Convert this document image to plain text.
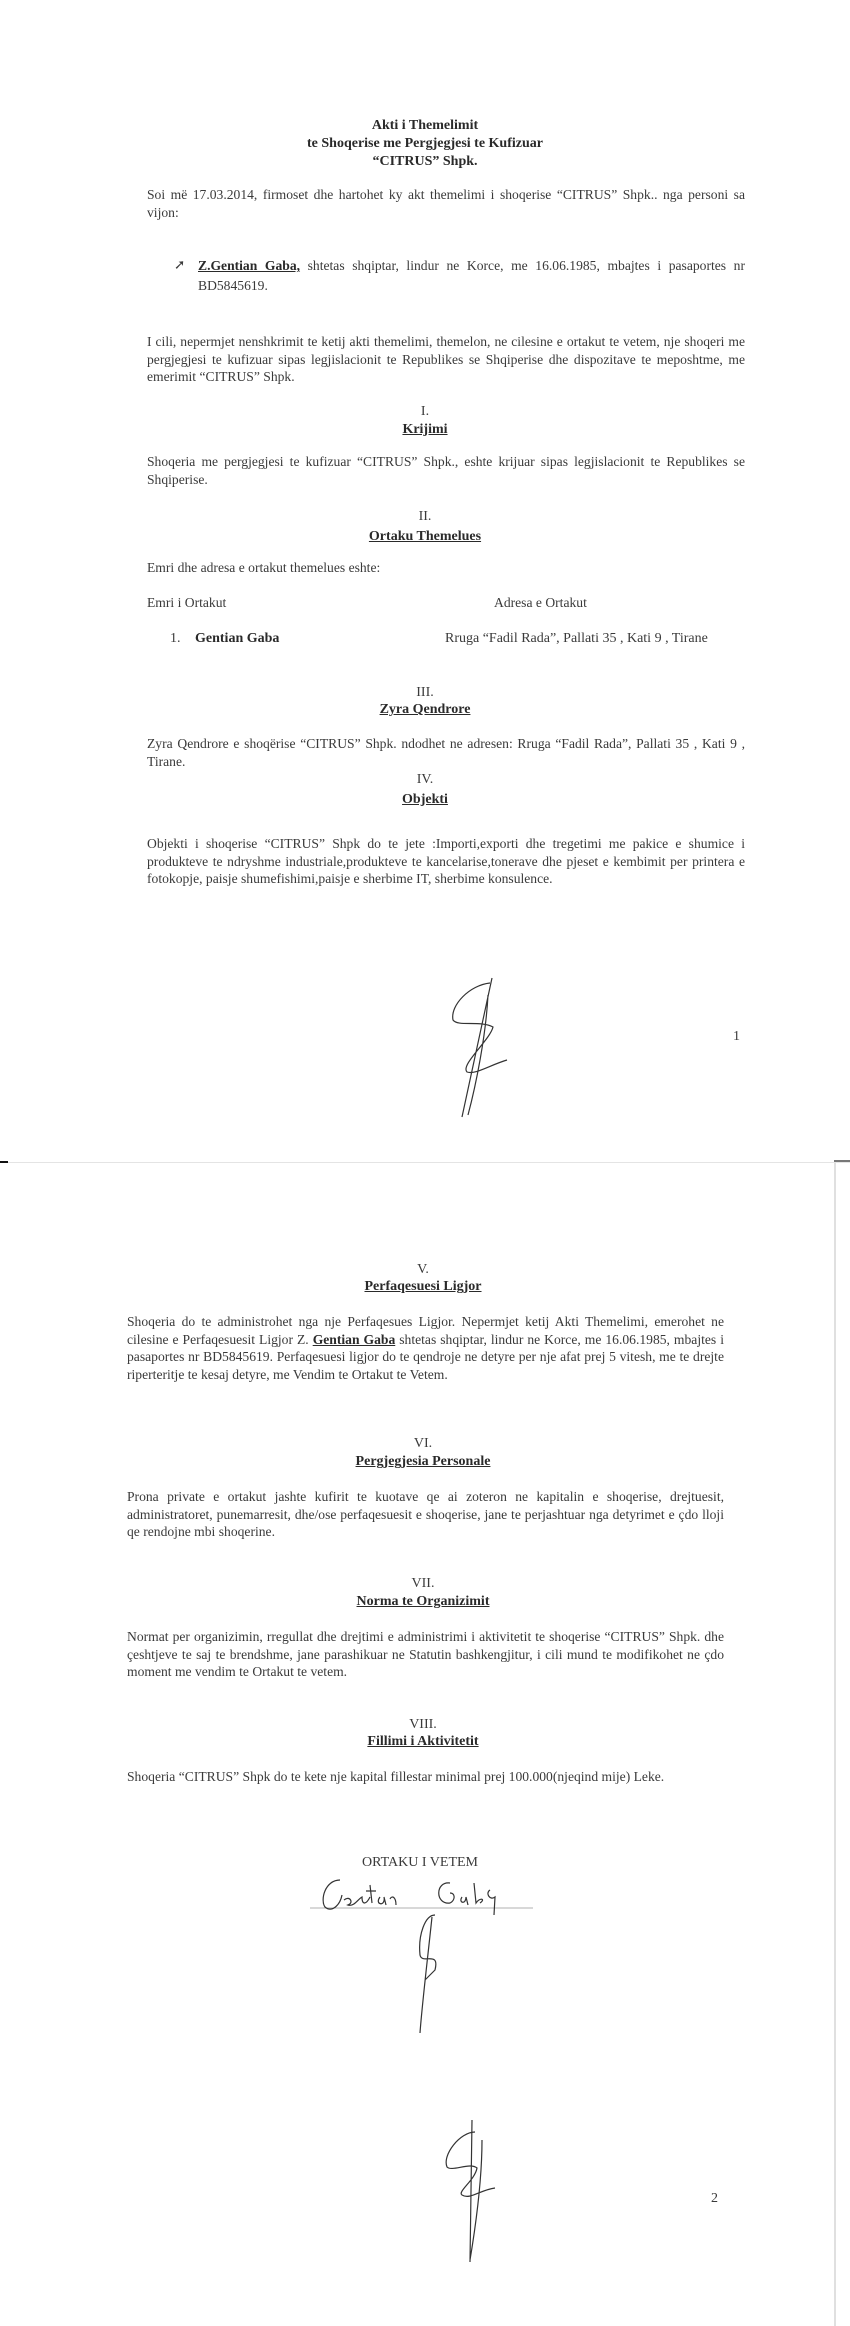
Akti i Themelimit
te Shoqerise me Pergjegjesi te Kufizuar
“CITRUS” Shpk.
Soi më 17.03.2014, firmoset dhe hartohet ky akt themelimi i shoqerise “CITRUS” Shpk.. nga personi sa vijon:
➚ Z.Gentian Gaba, shtetas shqiptar, lindur ne Korce, me 16.06.1985, mbajtes i pasaportes nr BD5845619.
I cili, nepermjet nenshkrimit te ketij akti themelimi, themelon, ne cilesine e ortakut te vetem, nje shoqeri me pergjegjesi te kufizuar sipas legjislacionit te Republikes se Shqiperise dhe dispozitave te meposhtme, me emerimit “CITRUS” Shpk.
I.
Krijimi
Shoqeria me pergjegjesi te kufizuar “CITRUS” Shpk., eshte krijuar sipas legjislacionit te Republikes se Shqiperise.
II.
Ortaku Themelues
Emri dhe adresa e ortakut themelues eshte:
Emri i Ortakut	Adresa e Ortakut
1. Gentian Gaba	Rruga “Fadil Rada”, Pallati 35 , Kati 9 , Tirane
III.
Zyra Qendrore
Zyra Qendrore e shoqërise “CITRUS” Shpk. ndodhet ne adresen: Rruga “Fadil Rada”, Pallati 35 , Kati 9 , Tirane.
IV.
Objekti
Objekti i shoqerise “CITRUS” Shpk do te jete :Importi,exporti dhe tregetimi me pakice e shumice i produkteve te ndryshme industriale,produkteve te kancelarise,tonerave dhe pjeset e kembimit per printera e fotokopje, paisje shumefishimi,paisje e sherbime IT, sherbime konsulence.
1
V.
Perfaqesuesi Ligjor
Shoqeria do te administrohet nga nje Perfaqesues Ligjor. Nepermjet ketij Akti Themelimi, emerohet ne cilesine e Perfaqesuesit Ligjor Z. Gentian Gaba shtetas shqiptar, lindur ne Korce, me 16.06.1985, mbajtes i pasaportes nr BD5845619. Perfaqesuesi ligjor do te qendroje ne detyre per nje afat prej 5 vitesh, me te drejte riperteritje te kesaj detyre, me Vendim te Ortakut te Vetem.
VI.
Pergjegjesia Personale
Prona private e ortakut jashte kufirit te kuotave qe ai zoteron ne kapitalin e shoqerise, drejtuesit, administratoret, punemarresit, dhe/ose perfaqesuesit e shoqerise, jane te perjashtuar nga detyrimet e çdo lloji qe rendojne mbi shoqerine.
VII.
Norma te Organizimit
Normat per organizimin, rregullat dhe drejtimi e administrimi i aktivitetit te shoqerise “CITRUS” Shpk. dhe çeshtjeve te saj te brendshme, jane parashikuar ne Statutin bashkengjitur, i cili mund te modifikohet ne çdo moment me vendim te Ortakut te vetem.
VIII.
Fillimi i Aktivitetit
Shoqeria “CITRUS” Shpk do te kete nje kapital fillestar minimal prej 100.000(njeqind mije) Leke.
ORTAKU I VETEM
2
